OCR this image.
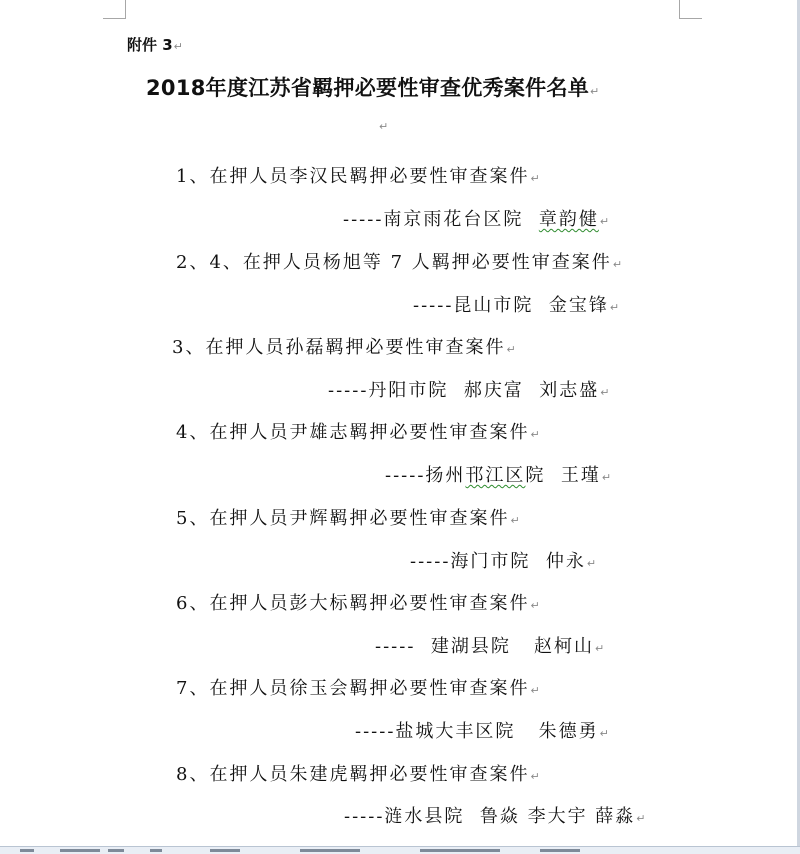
附件 3↵
2018年度江苏省羁押必要性审查优秀案件名单↵
↵
1、在押人员李汉民羁押必要性审查案件↵
-----南京雨花台区院  章韵健↵
2、4、在押人员杨旭等 7 人羁押必要性审查案件↵
-----昆山市院  金宝锋↵
3、在押人员孙磊羁押必要性审查案件↵
-----丹阳市院  郝庆富  刘志盛↵
4、在押人员尹雄志羁押必要性审查案件↵
-----扬州邗江区院  王瑾↵
5、在押人员尹辉羁押必要性审查案件↵
-----海门市院  仲永↵
6、在押人员彭大标羁押必要性审查案件↵
-----  建湖县院   赵柯山↵
7、在押人员徐玉会羁押必要性审查案件↵
-----盐城大丰区院   朱德勇↵
8、在押人员朱建虎羁押必要性审查案件↵
-----涟水县院  鲁焱 李大宇 薛淼↵
